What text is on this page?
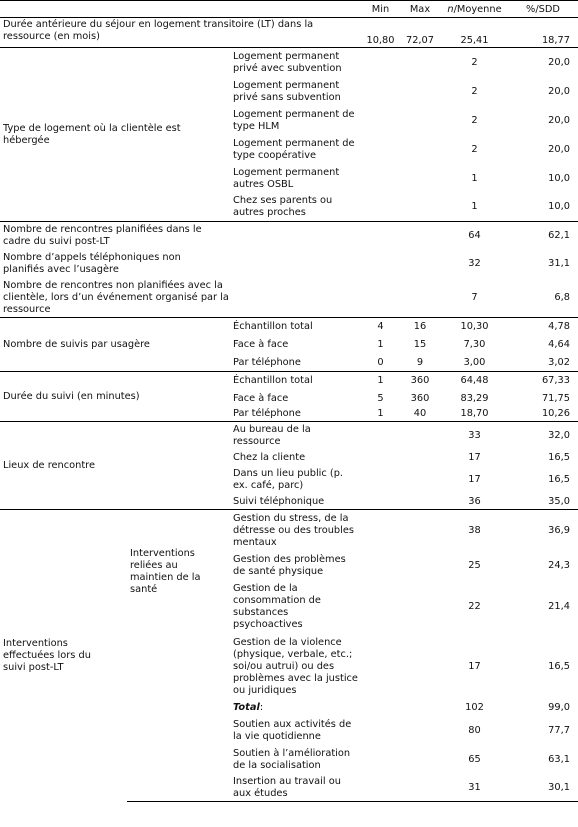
			Min	Max	n/Moyenne	%/SDD
Durée antérieure du séjour en logement transitoire (LT) dans la ressource (en mois)			10,80	72,07	25,41	18,77
Type de logement où la clientèle est hébergée		Logement permanent privé avec subvention			2	20,0
		Logement permanent privé sans subvention			2	20,0
		Logement permanent de type HLM			2	20,0
		Logement permanent de type coopérative			2	20,0
		Logement permanent autres OSBL			1	10,0
		Chez ses parents ou autres proches			1	10,0

Nombre de rencontres planifiées dans le cadre du suivi post-LT					64	62,1

Nombre d’appels téléphoniques non planifiés avec l’usagère					32	31,1

Nombre de rencontres non planifiées avec la clientèle, lors d’un événement organisé par la ressource					7	6,8
Nombre de suivis par usagère		Échantillon total	4	16	10,30	4,78
		Face à face	1	15	7,30	4,64
		Par téléphone	0	9	3,00	3,02
Durée du suivi (en minutes)		Échantillon total	1	360	64,48	67,33
		Face à face	5	360	83,29	71,75
		Par téléphone	1	40	18,70	10,26
Lieux de rencontre		Au bureau de la ressource			33	32,0
		Chez la cliente			17	16,5
		Dans un lieu public (p. ex. café, parc)			17	16,5
		Suivi téléphonique			36	35,0

Interventions effectuées lors du suivi post-LT	Interventions reliées au maintien de la santé	Gestion du stress, de la détresse ou des troubles mentaux			38	36,9
		Gestion des problèmes de santé physique			25	24,3
		Gestion de la consommation de substances psychoactives			22	21,4
		Gestion de la violence (physique, verbale, etc.; soi/ou autrui) ou des problèmes avec la justice ou juridiques			17	16,5
		Total:			102	99,0
		Soutien aux activités de la vie quotidienne			80	77,7
		Soutien à l’amélioration de la socialisation			65	63,1
		Insertion au travail ou aux études			31	30,1
